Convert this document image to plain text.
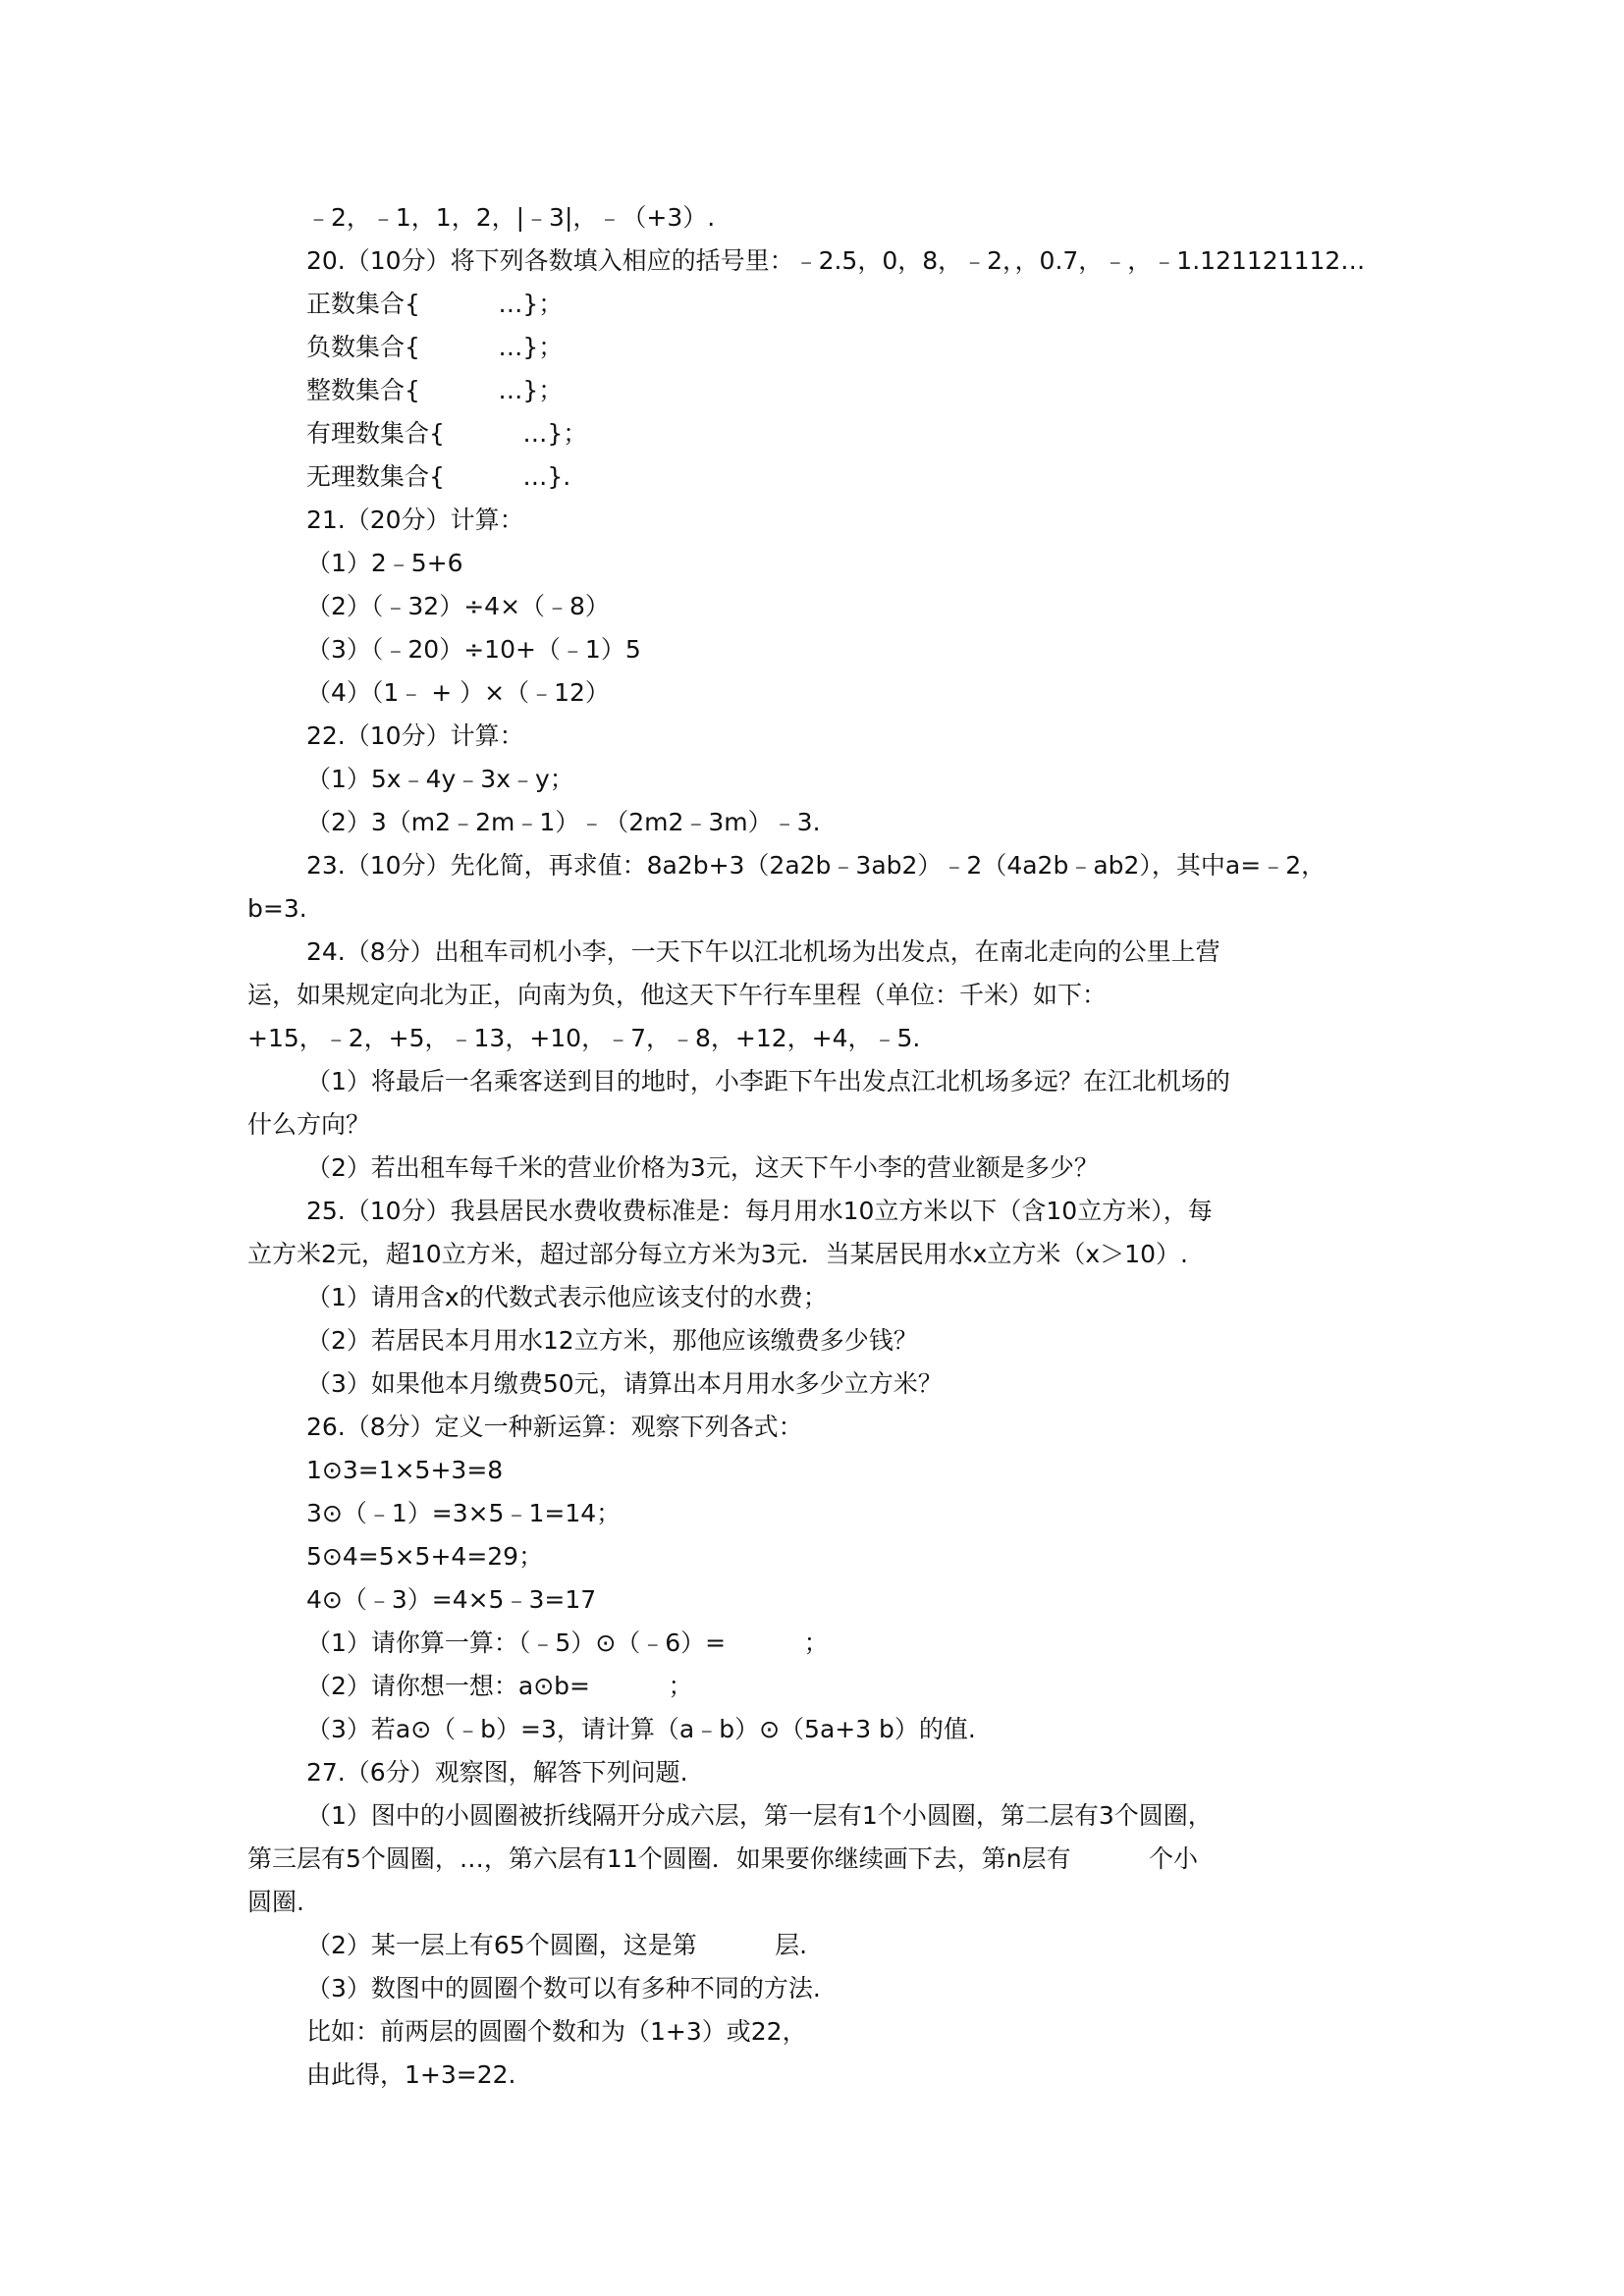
﹣2，﹣1，1，2，|﹣3|，﹣（+3）.
20.（10分）将下列各数填入相应的括号里：﹣2.5，0，8，﹣2，，0.7，﹣，﹣1.121121112…
正数集合{          …}；
负数集合{          …}；
整数集合{          …}；
有理数集合{          …}；
无理数集合{          …}.
21.（20分）计算：
（1）2﹣5+6
（2）（﹣32）÷4×（﹣8）
（3）（﹣20）÷10+（﹣1）5
（4）（1﹣ + ）×（﹣12）
22.（10分）计算：
（1）5x﹣4y﹣3x﹣y；
（2）3（m2﹣2m﹣1）﹣（2m2﹣3m）﹣3.
23.（10分）先化简，再求值：8a2b+3（2a2b﹣3ab2）﹣2（4a2b﹣ab2），其中a=﹣2，
b=3.
24.（8分）出租车司机小李，一天下午以江北机场为出发点，在南北走向的公里上营
运，如果规定向北为正，向南为负，他这天下午行车里程（单位：千米）如下：
+15，﹣2，+5，﹣13，+10，﹣7，﹣8，+12，+4，﹣5.
（1）将最后一名乘客送到目的地时，小李距下午出发点江北机场多远？在江北机场的
什么方向？
（2）若出租车每千米的营业价格为3元，这天下午小李的营业额是多少？
25.（10分）我县居民水费收费标准是：每月用水10立方米以下（含10立方米），每
立方米2元，超10立方米，超过部分每立方米为3元．当某居民用水x立方米（x＞10）.
（1）请用含x的代数式表示他应该支付的水费；
（2）若居民本月用水12立方米，那他应该缴费多少钱？
（3）如果他本月缴费50元，请算出本月用水多少立方米？
26.（8分）定义一种新运算：观察下列各式：
1⊙3=1×5+3=8
3⊙（﹣1）=3×5﹣1=14；
5⊙4=5×5+4=29；
4⊙（﹣3）=4×5﹣3=17
（1）请你算一算：（﹣5）⊙（﹣6）=          ；
（2）请你想一想：a⊙b=          ；
（3）若a⊙（﹣b）=3，请计算（a﹣b）⊙（5a+3 b）的值.
27.（6分）观察图，解答下列问题.
（1）图中的小圆圈被折线隔开分成六层，第一层有1个小圆圈，第二层有3个圆圈，
第三层有5个圆圈，…，第六层有11个圆圈．如果要你继续画下去，第n层有          个小
圆圈.
（2）某一层上有65个圆圈，这是第          层.
（3）数图中的圆圈个数可以有多种不同的方法.
比如：前两层的圆圈个数和为（1+3）或22，
由此得，1+3=22.
